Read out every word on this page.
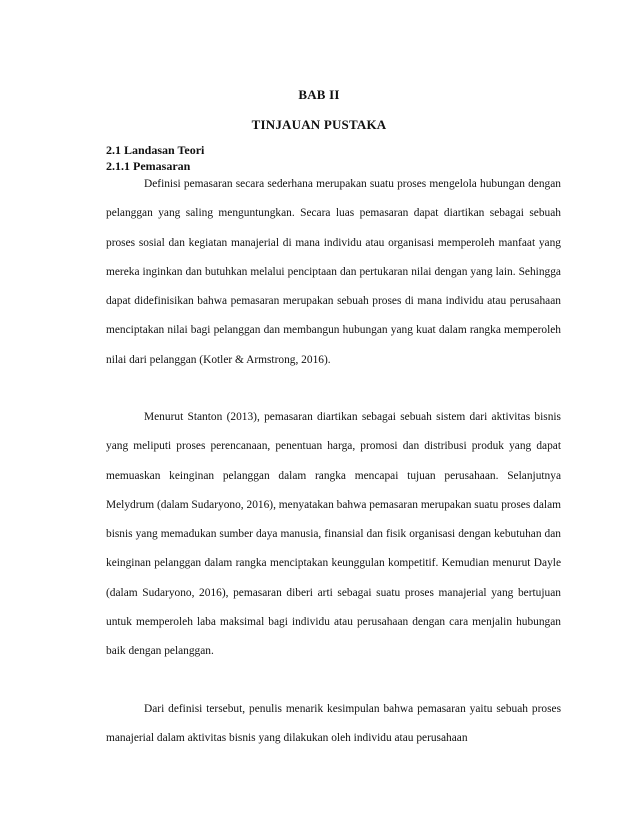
BAB II
TINJAUAN PUSTAKA
2.1 Landasan Teori
2.1.1 Pemasaran

Definisi pemasaran secara sederhana merupakan suatu proses mengelola hubungan dengan pelanggan yang saling menguntungkan. Secara luas pemasaran dapat diartikan sebagai sebuah proses sosial dan kegiatan manajerial di mana individu atau organisasi memperoleh manfaat yang mereka inginkan dan butuhkan melalui penciptaan dan pertukaran nilai dengan yang lain. Sehingga dapat didefinisikan bahwa pemasaran merupakan sebuah proses di mana individu atau perusahaan menciptakan nilai bagi pelanggan dan membangun hubungan yang kuat dalam rangka memperoleh nilai dari pelanggan (Kotler & Armstrong, 2016).

Menurut Stanton (2013), pemasaran diartikan sebagai sebuah sistem dari aktivitas bisnis yang meliputi proses perencanaan, penentuan harga, promosi dan distribusi produk yang dapat memuaskan keinginan pelanggan dalam rangka mencapai tujuan perusahaan. Selanjutnya Melydrum (dalam Sudaryono, 2016), menyatakan bahwa pemasaran merupakan suatu proses dalam bisnis yang memadukan sumber daya manusia, finansial dan fisik organisasi dengan kebutuhan dan keinginan pelanggan dalam rangka menciptakan keunggulan kompetitif. Kemudian menurut Dayle (dalam Sudaryono, 2016), pemasaran diberi arti sebagai suatu proses manajerial yang bertujuan untuk memperoleh laba maksimal bagi individu atau perusahaan dengan cara menjalin hubungan baik dengan pelanggan.

Dari definisi tersebut, penulis menarik kesimpulan bahwa pemasaran yaitu sebuah proses manajerial dalam aktivitas bisnis yang dilakukan oleh individu atau perusahaan
